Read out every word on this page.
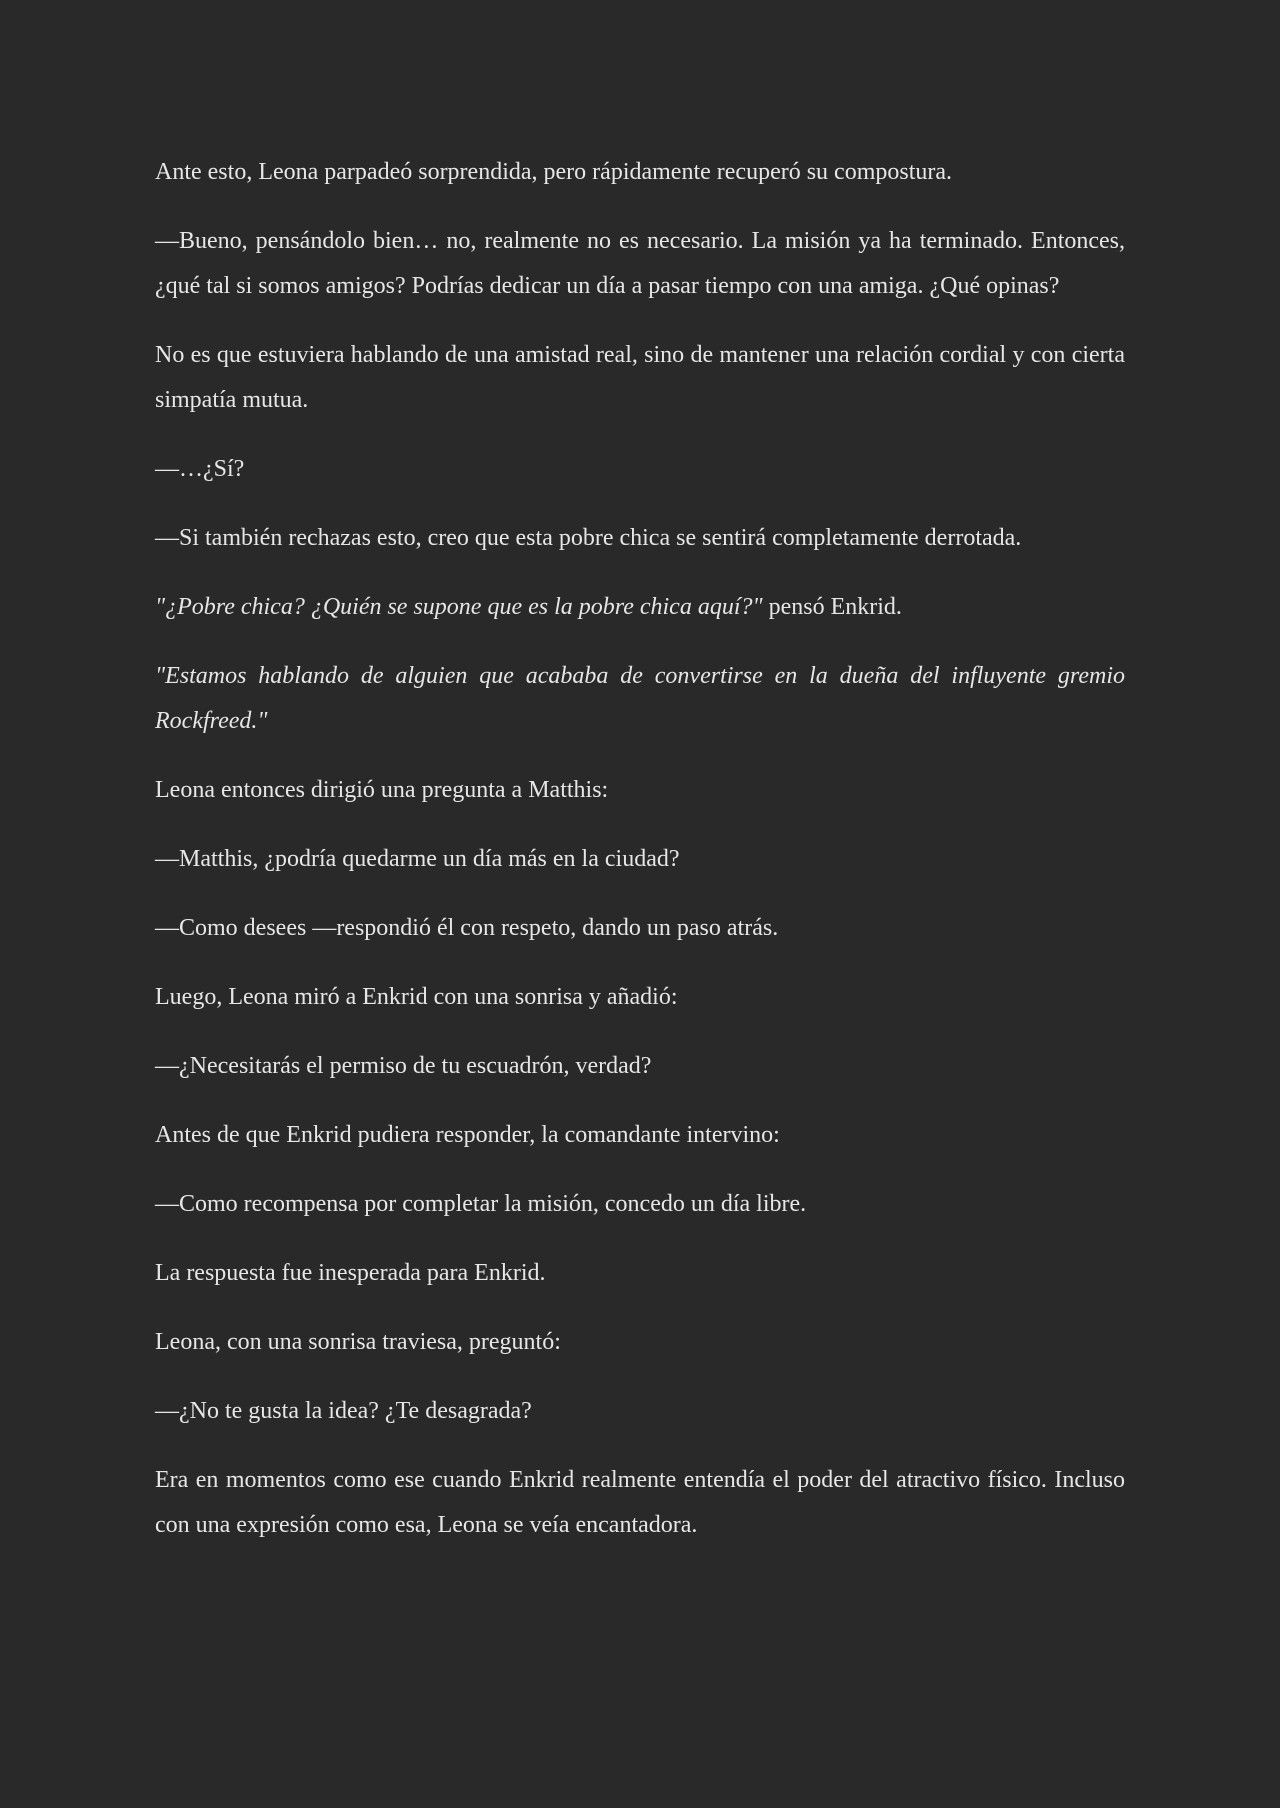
Ante esto, Leona parpadeó sorprendida, pero rápidamente recuperó su compostura.

—Bueno, pensándolo bien… no, realmente no es necesario. La misión ya ha terminado. Entonces, ¿qué tal si somos amigos? Podrías dedicar un día a pasar tiempo con una amiga. ¿Qué opinas?

No es que estuviera hablando de una amistad real, sino de mantener una relación cordial y con cierta simpatía mutua.

—…¿Sí?

—Si también rechazas esto, creo que esta pobre chica se sentirá completamente derrotada.

"¿Pobre chica? ¿Quién se supone que es la pobre chica aquí?" pensó Enkrid.

"Estamos hablando de alguien que acababa de convertirse en la dueña del influyente gremio Rockfreed."

Leona entonces dirigió una pregunta a Matthis:

—Matthis, ¿podría quedarme un día más en la ciudad?

—Como desees —respondió él con respeto, dando un paso atrás.

Luego, Leona miró a Enkrid con una sonrisa y añadió:

—¿Necesitarás el permiso de tu escuadrón, verdad?

Antes de que Enkrid pudiera responder, la comandante intervino:

—Como recompensa por completar la misión, concedo un día libre.

La respuesta fue inesperada para Enkrid.

Leona, con una sonrisa traviesa, preguntó:

—¿No te gusta la idea? ¿Te desagrada?

Era en momentos como ese cuando Enkrid realmente entendía el poder del atractivo físico. Incluso con una expresión como esa, Leona se veía encantadora.
